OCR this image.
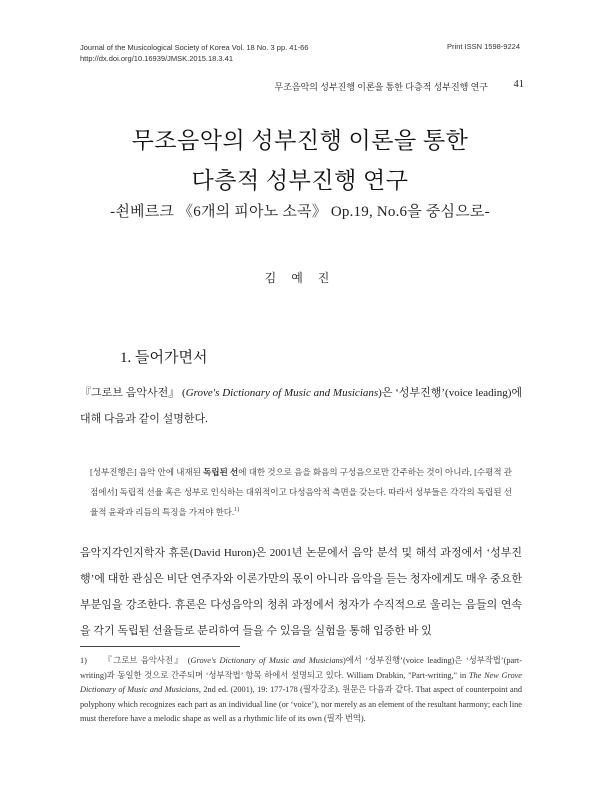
Journal of the Musicological Society of Korea Vol. 18 No. 3 pp. 41-66
http://dx.doi.org/10.16939/JMSK.2015.18.3.41
Print ISSN 1598-9224
무조음악의 성부진행 이론을 통한 다층적 성부진행 연구 41
무조음악의 성부진행 이론을 통한
다층적 성부진행 연구
-쇤베르크 《6개의 피아노 소곡》 Op.19, No.6을 중심으로-
김 예 진
1. 들어가면서
『그로브 음악사전』 (Grove's Dictionary of Music and Musicians)은 ‘성부진행’(voice leading)에 대해 다음과 같이 설명한다.
[성부진행은] 음악 안에 내재된 독립된 선에 대한 것으로 음을 화음의 구성음으로만 간주하는 것이 아니라, [수평적 관점에서] 독립적 선율 혹은 성부로 인식하는 대위적이고 다성음악적 측면을 갖는다. 따라서 성부들은 각각의 독립된 선율적 윤곽과 리듬의 특징을 가져야 한다.$^{1)}$
음악지각인지학자 휴론(David Huron)은 2001년 논문에서 음악 분석 및 해석 과정에서 ‘성부진행’에 대한 관심은 비단 연주자와 이론가만의 몫이 아니라 음악을 듣는 청자에게도 매우 중요한 부분임을 강조한다. 휴론은 다성음악의 청취 과정에서 청자가 수직적으로 울리는 음들의 연속을 각기 독립된 선율들로 분리하여 들을 수 있음을 실험을 통해 입증한 바 있
1) 『그로브 음악사전』 (Grove's Dictionary of Music and Musicians)에서 ‘성부진행’(voice leading)은 ‘성부작법’(part-writing)과 동일한 것으로 간주되며 ‘성부작법’ 항목 하에서 설명되고 있다. William Drabkin, "Part-writing," in The New Grove Dictionary of Music and Musicians, 2nd ed. (2001), 19: 177-178 (필자강조). 원문은 다음과 같다. That aspect of counterpoint and polyphony which recognizes each part as an individual line (or ‘voice’), nor merely as an element of the resultant harmony; each line must therefore have a melodic shape as well as a rhythmic life of its own (필자 번역).
